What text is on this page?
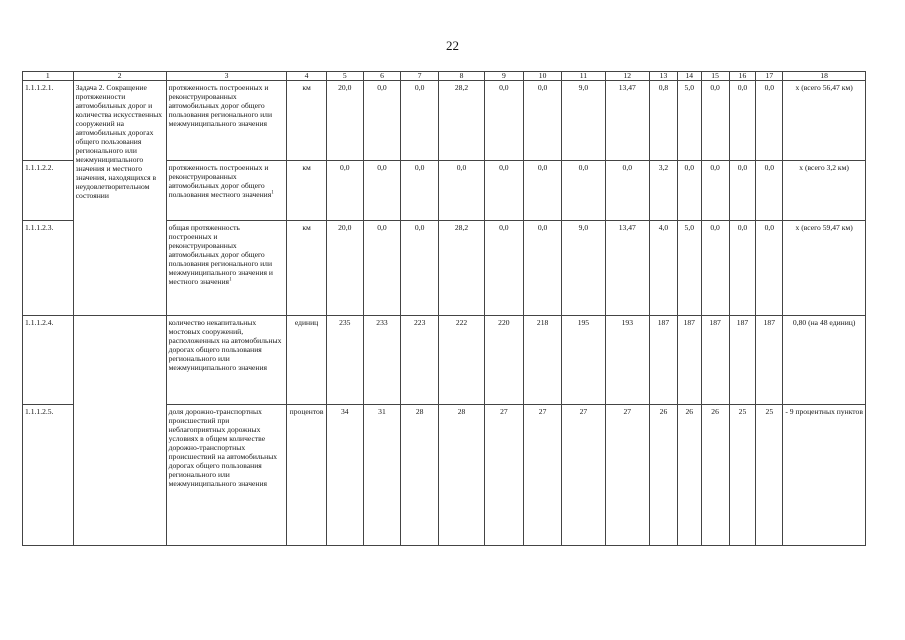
22
1	2	3	4	5	6	7	8	9	10	11	12	13	14	15	16	17	18
1.1.1.2.1.	Задача 2. Сокращение протяженности автомобильных дорог и количества искусственных сооружений на автомобильных дорогах общего пользования регионального или межмуниципального значения и местного значения, находящихся в неудовлетворительном состоянии	протяженность построенных и реконструированных автомобильных дорог общего пользования регионального или межмуниципального значения	км	20,0	0,0	0,0	28,2	0,0	0,0	9,0	13,47	0,8	5,0	0,0	0,0	0,0	х (всего 56,47 км)
1.1.1.2.2.		протяженность построенных и реконструированных автомобильных дорог общего пользования местного значения$^1$	км	0,0	0,0	0,0	0,0	0,0	0,0	0,0	0,0	3,2	0,0	0,0	0,0	0,0	х (всего 3,2 км)
1.1.1.2.3.		общая протяженность построенных и реконструированных автомобильных дорог общего пользования регионального или межмуниципального значения и местного значения$^1$	км	20,0	0,0	0,0	28,2	0,0	0,0	9,0	13,47	4,0	5,0	0,0	0,0	0,0	х (всего 59,47 км)
1.1.1.2.4.		количество некапитальных мостовых сооружений, расположенных на автомобильных дорогах общего пользования регионального или межмуниципального значения	единиц	235	233	223	222	220	218	195	193	187	187	187	187	187	0,80 (на 48 единиц)
1.1.1.2.5.		доля дорожно-транспортных происшествий при неблагоприятных дорожных условиях в общем количестве дорожно-транспортных происшествий на автомобильных дорогах общего пользования регионального или межмуниципального значения	процентов	34	31	28	28	27	27	27	27	26	26	26	25	25	- 9 процентных пунктов
